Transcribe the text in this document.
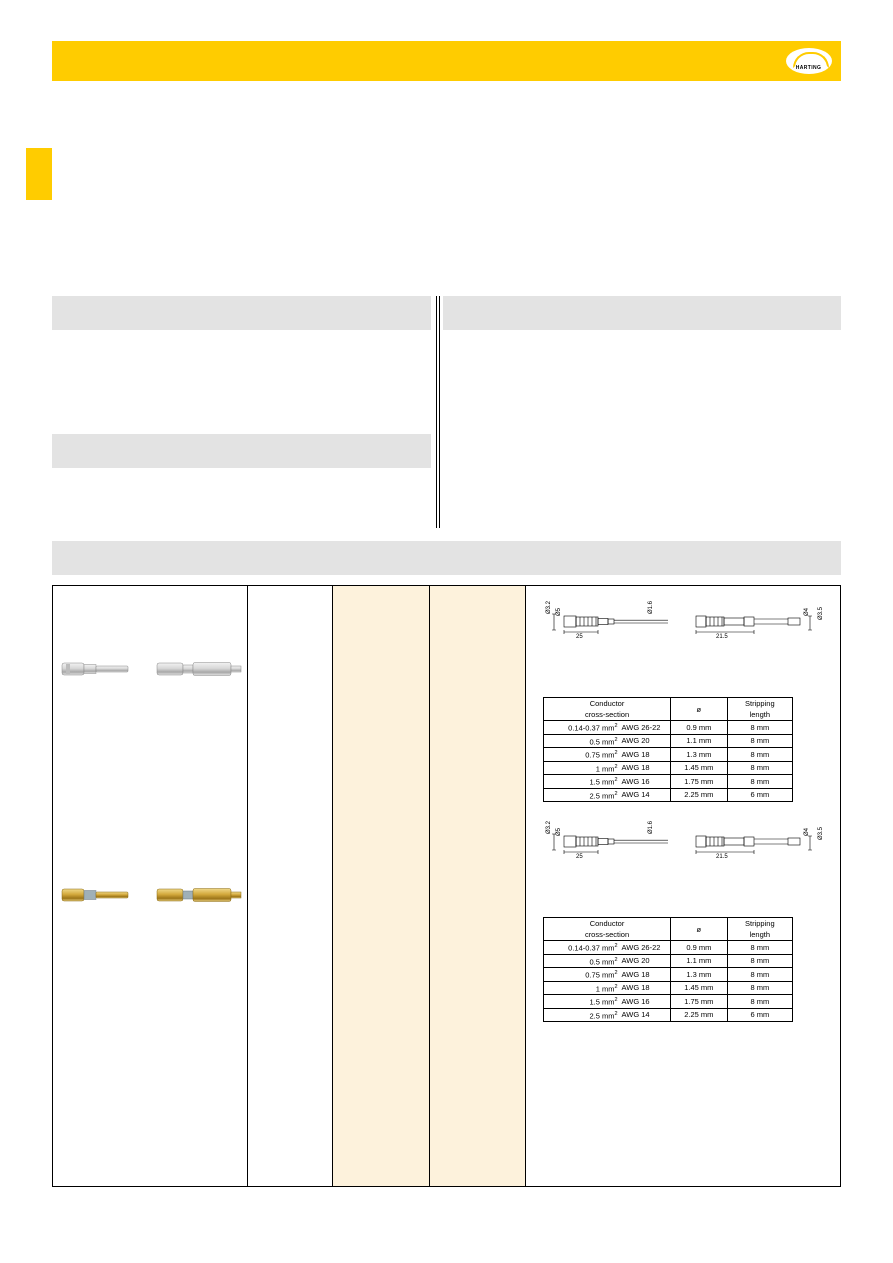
HARTING
Ø3.2 Ø5	Ø1.6
25	21.5
Ø4 Ø3.5
Ø3.2 Ø5	Ø1.6
25	21.5
Ø4 Ø3.5
Conductor
cross-section		ø	Stripping
length
0.14-0.37 $mm^2$	AWG 26-22	0.9 mm	8 mm
0.5 $mm^2$	AWG 20	1.1 mm	8 mm
0.75 $mm^2$	AWG 18	1.3 mm	8 mm
1 $mm^2$	AWG 18	1.45 mm	8 mm
1.5 $mm^2$	AWG 16	1.75 mm	8 mm
2.5 $mm^2$	AWG 14	2.25 mm	6 mm
Conductor
cross-section		ø	Stripping
length
0.14-0.37 $mm^2$	AWG 26-22	0.9 mm	8 mm
0.5 $mm^2$	AWG 20	1.1 mm	8 mm
0.75 $mm^2$	AWG 18	1.3 mm	8 mm
1 $mm^2$	AWG 18	1.45 mm	8 mm
1.5 $mm^2$	AWG 16	1.75 mm	8 mm
2.5 $mm^2$	AWG 14	2.25 mm	6 mm
